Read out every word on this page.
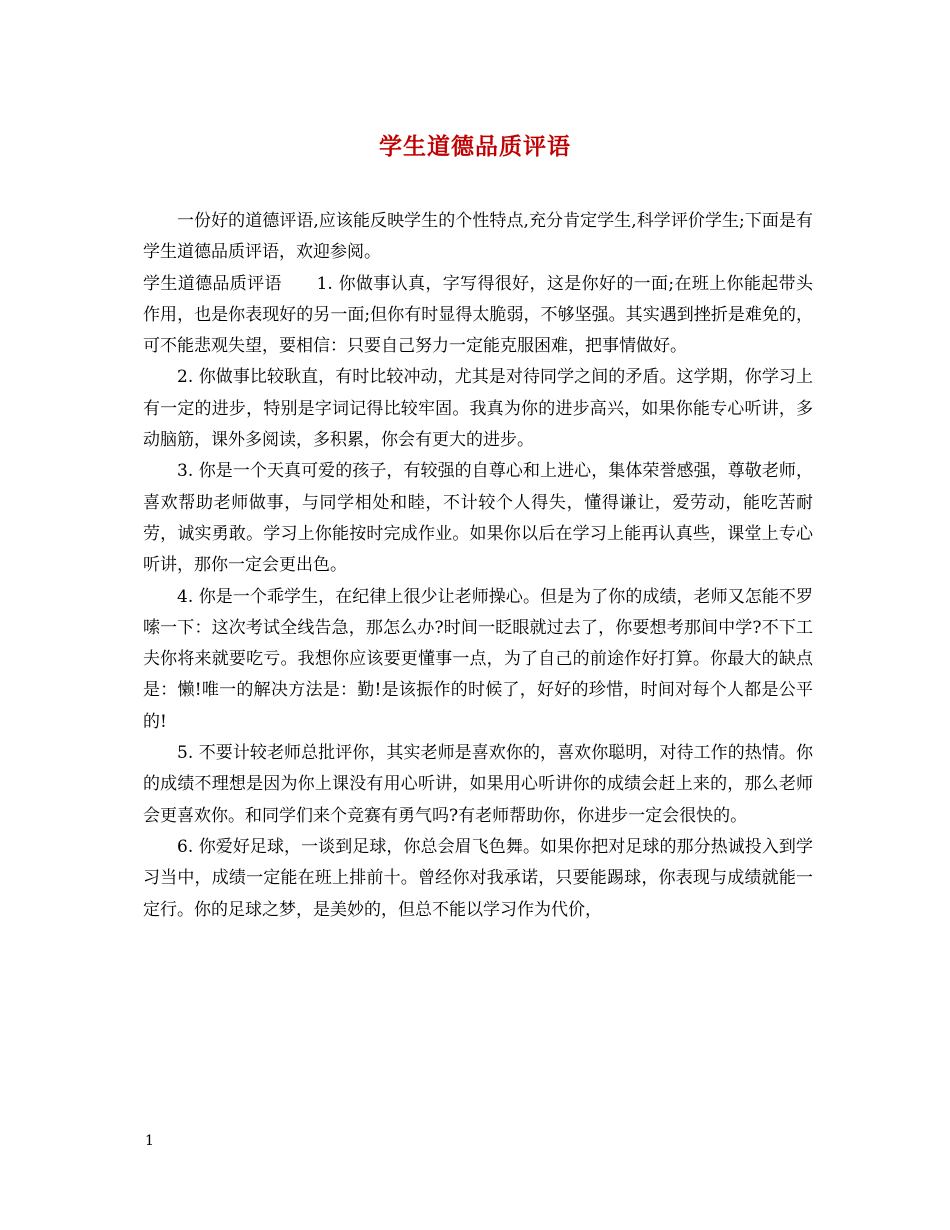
学生道德品质评语

一份好的道德评语,应该能反映学生的个性特点,充分肯定学生,科学评价学生;下面是有学生道德品质评语，欢迎参阅。

学生道德品质评语　　1. 你做事认真，字写得很好，这是你好的一面;在班上你能起带头作用，也是你表现好的另一面;但你有时显得太脆弱，不够坚强。其实遇到挫折是难免的，可不能悲观失望，要相信：只要自己努力一定能克服困难，把事情做好。

2. 你做事比较耿直，有时比较冲动，尤其是对待同学之间的矛盾。这学期，你学习上有一定的进步，特别是字词记得比较牢固。我真为你的进步高兴，如果你能专心听讲，多动脑筋，课外多阅读，多积累，你会有更大的进步。

3. 你是一个天真可爱的孩子，有较强的自尊心和上进心，集体荣誉感强，尊敬老师，喜欢帮助老师做事，与同学相处和睦，不计较个人得失，懂得谦让，爱劳动，能吃苦耐劳，诚实勇敢。学习上你能按时完成作业。如果你以后在学习上能再认真些，课堂上专心听讲，那你一定会更出色。

4. 你是一个乖学生，在纪律上很少让老师操心。但是为了你的成绩，老师又怎能不罗嗦一下：这次考试全线告急，那怎么办?时间一眨眼就过去了，你要想考那间中学?不下工夫你将来就要吃亏。我想你应该要更懂事一点，为了自己的前途作好打算。你最大的缺点是：懒!唯一的解决方法是：勤!是该振作的时候了，好好的珍惜，时间对每个人都是公平的!

5. 不要计较老师总批评你，其实老师是喜欢你的，喜欢你聪明，对待工作的热情。你的成绩不理想是因为你上课没有用心听讲，如果用心听讲你的成绩会赶上来的，那么老师会更喜欢你。和同学们来个竞赛有勇气吗?有老师帮助你，你进步一定会很快的。

6. 你爱好足球，一谈到足球，你总会眉飞色舞。如果你把对足球的那分热诚投入到学习当中，成绩一定能在班上排前十。曾经你对我承诺，只要能踢球，你表现与成绩就能一定行。你的足球之梦，是美妙的，但总不能以学习作为代价，

1
